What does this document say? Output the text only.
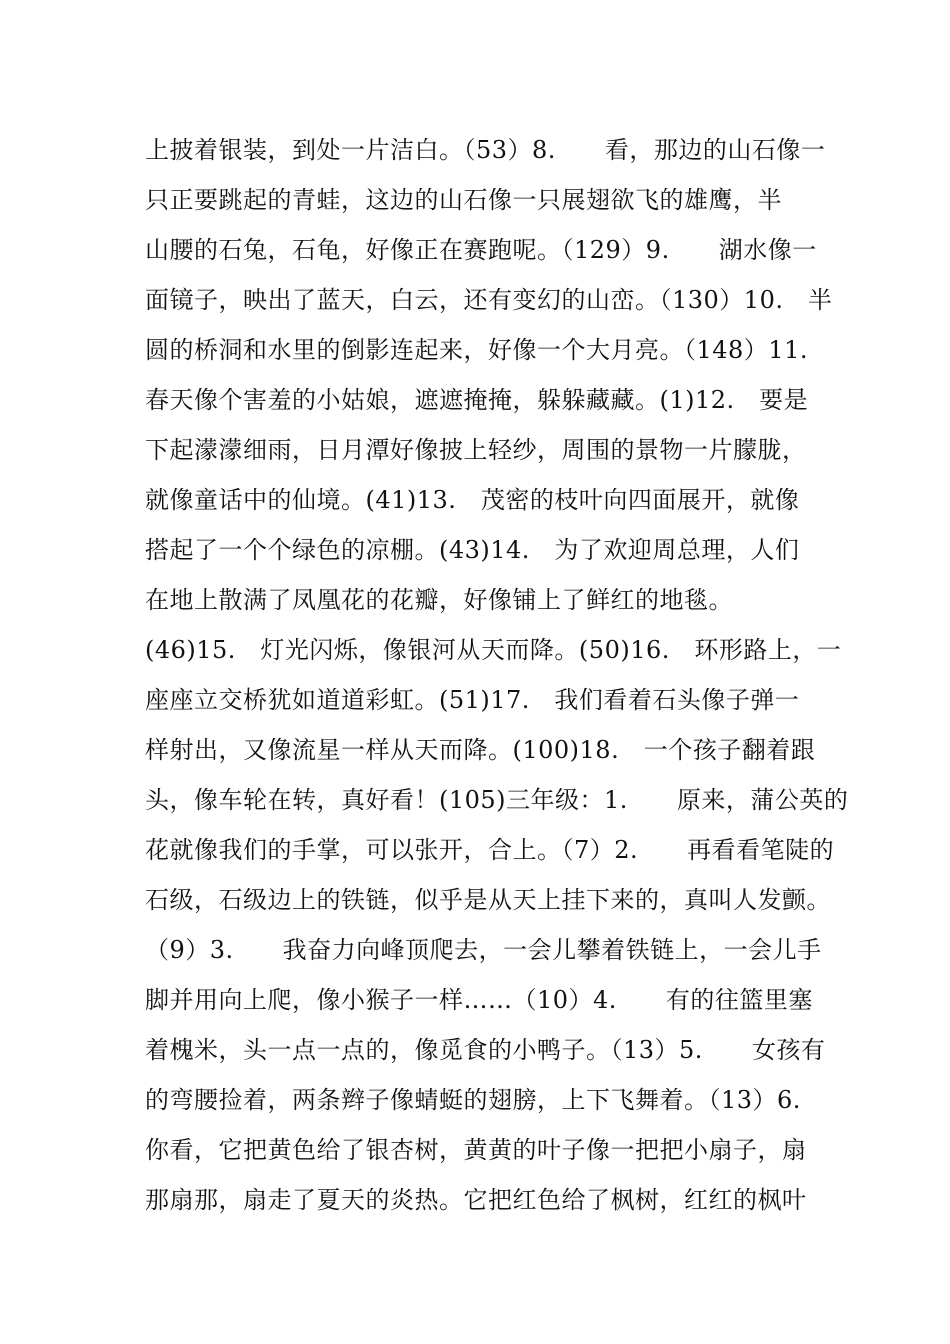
上披着银装，到处一片洁白。（53）8.　　看，那边的山石像一
只正要跳起的青蛙，这边的山石像一只展翅欲飞的雄鹰，半
山腰的石兔，石龟，好像正在赛跑呢。（129）9.　　湖水像一
面镜子，映出了蓝天，白云，还有变幻的山峦。（130）10.　半
圆的桥洞和水里的倒影连起来，好像一个大月亮。（148）11.
春天像个害羞的小姑娘，遮遮掩掩，躲躲藏藏。(1)12.　要是
下起濛濛细雨，日月潭好像披上轻纱，周围的景物一片朦胧，
就像童话中的仙境。(41)13.　茂密的枝叶向四面展开，就像
搭起了一个个绿色的凉棚。(43)14.　为了欢迎周总理，人们
在地上散满了凤凰花的花瓣，好像铺上了鲜红的地毯。
(46)15.　灯光闪烁，像银河从天而降。(50)16.　环形路上，一
座座立交桥犹如道道彩虹。(51)17.　我们看着石头像子弹一
样射出，又像流星一样从天而降。(100)18.　一个孩子翻着跟
头，像车轮在转，真好看！(105)三年级：1.　　原来，蒲公英的
花就像我们的手掌，可以张开，合上。（7）2.　　再看看笔陡的
石级，石级边上的铁链，似乎是从天上挂下来的，真叫人发颤。
（9）3.　　我奋力向峰顶爬去，一会儿攀着铁链上，一会儿手
脚并用向上爬，像小猴子一样……（10）4.　　有的往篮里塞
着槐米，头一点一点的，像觅食的小鸭子。（13）5.　　女孩有
的弯腰捡着，两条辫子像蜻蜓的翅膀，上下飞舞着。（13）6.
你看，它把黄色给了银杏树，黄黄的叶子像一把把小扇子，扇
那扇那，扇走了夏天的炎热。它把红色给了枫树，红红的枫叶
